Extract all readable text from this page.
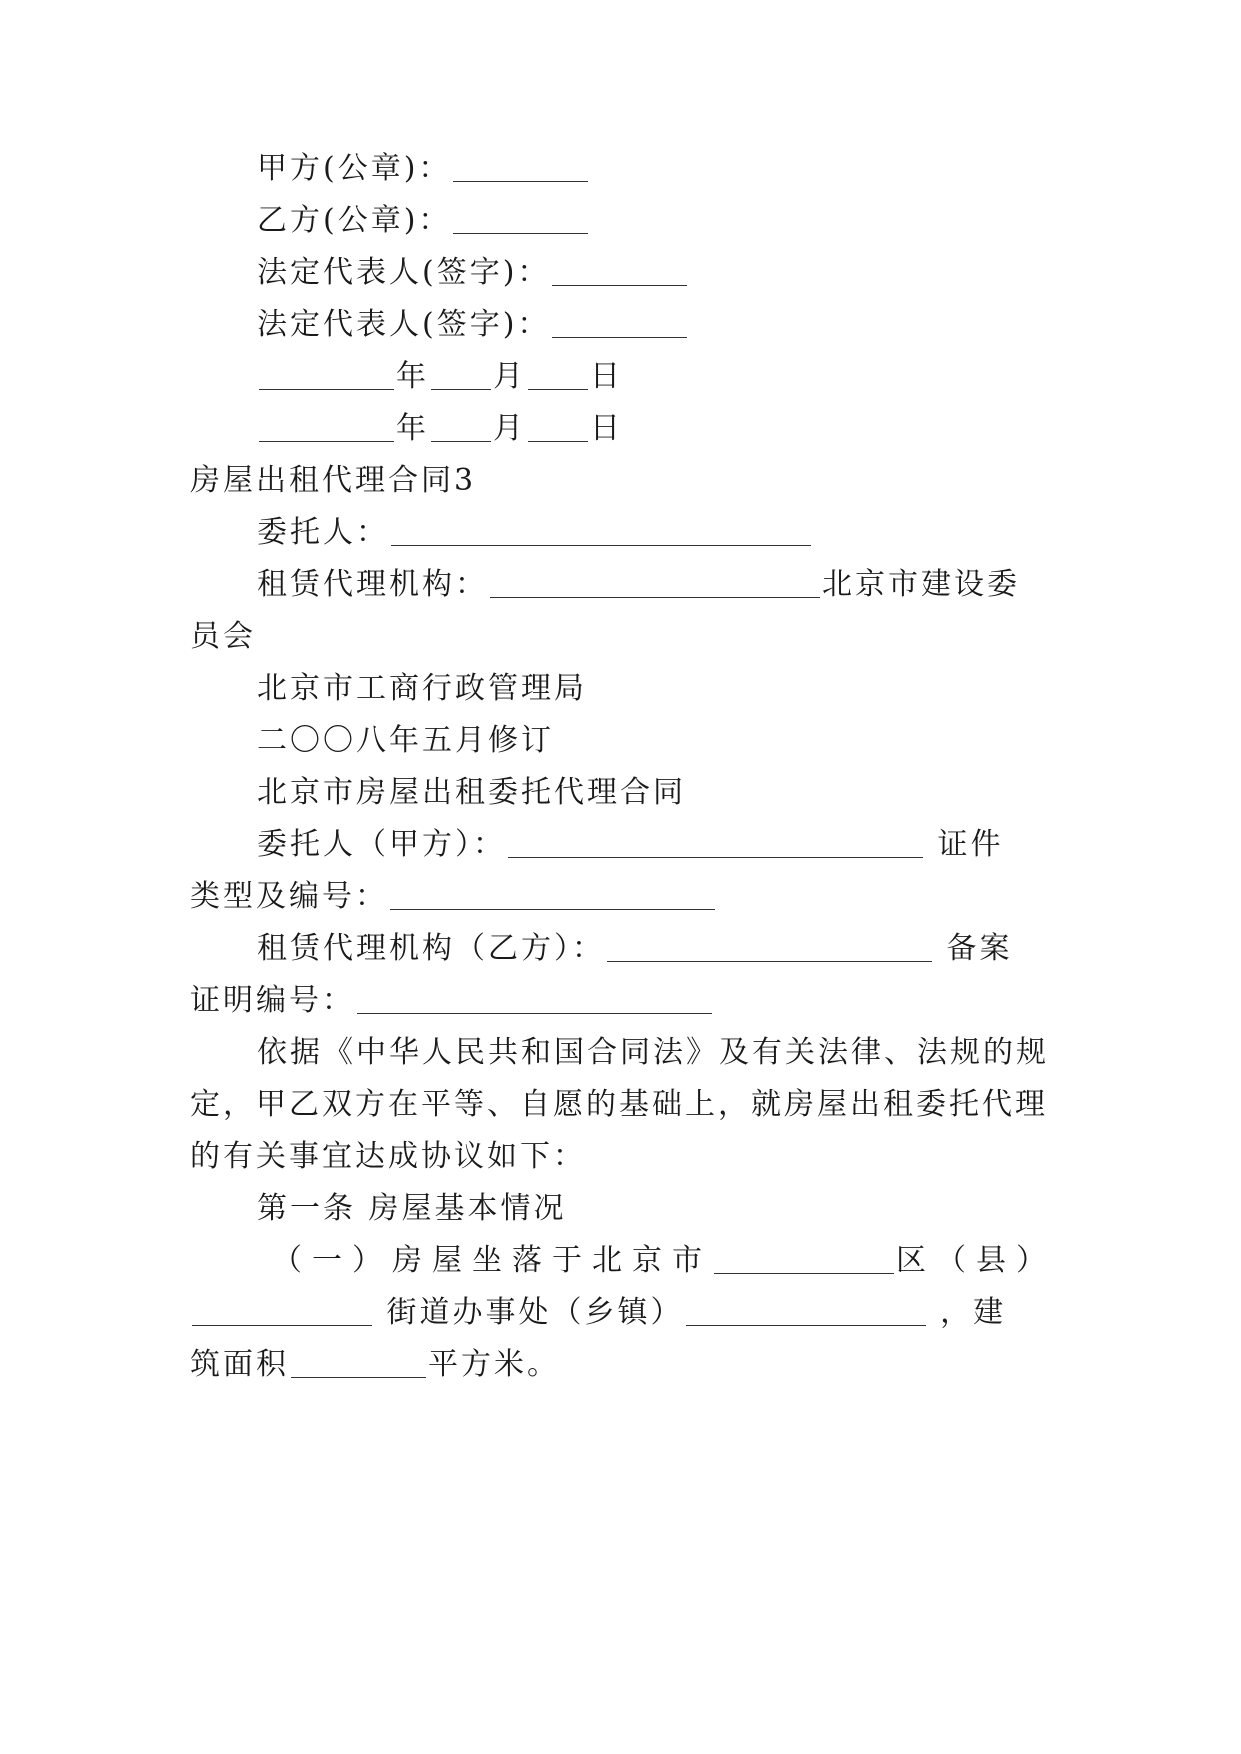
甲方(公章)：
乙方(公章)：
法定代表人(签字)：
法定代表人(签字)：
年 月 日
年 月 日
房屋出租代理合同3
委托人：
租赁代理机构：	北京市建设委
员会
北京市工商行政管理局
二〇〇八年五月修订
北京市房屋出租委托代理合同
委托人（甲方）：	证件
类型及编号：
租赁代理机构（乙方）：	备案
证明编号：
依据《中华人民共和国合同法》及有关法律、法规的规
定，甲乙双方在平等、自愿的基础上，就房屋出租委托代理
的有关事宜达成协议如下：
第一条 房屋基本情况
（一）房屋坐落于北京市	区（县）
街道办事处（乡镇）	，建
筑面积	平方米。
